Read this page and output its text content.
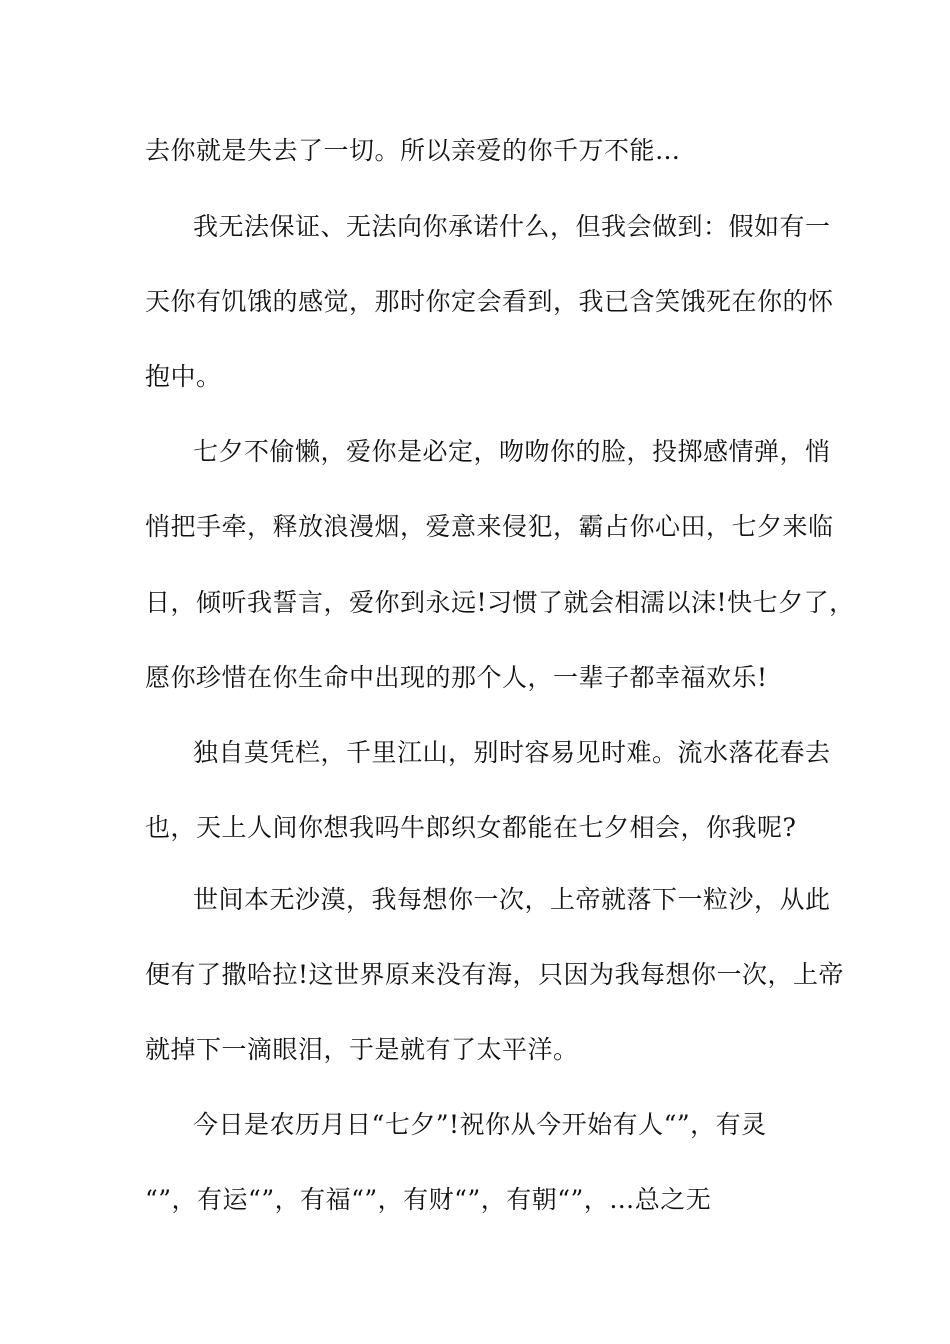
去你就是失去了一切。所以亲爱的你千万不能…
我无法保证、无法向你承诺什么，但我会做到：假如有一
天你有饥饿的感觉，那时你定会看到，我已含笑饿死在你的怀
抱中。
七夕不偷懒，爱你是必定，吻吻你的脸，投掷感情弹，悄
悄把手牵，释放浪漫烟，爱意来侵犯，霸占你心田，七夕来临
日，倾听我誓言，爱你到永远!习惯了就会相濡以沫!快七夕了，
愿你珍惜在你生命中出现的那个人，一辈子都幸福欢乐!
独自莫凭栏，千里江山，别时容易见时难。流水落花春去
也，天上人间你想我吗牛郎织女都能在七夕相会，你我呢?
世间本无沙漠，我每想你一次，上帝就落下一粒沙，从此
便有了撒哈拉!这世界原来没有海，只因为我每想你一次，上帝
就掉下一滴眼泪，于是就有了太平洋。
今日是农历月日“七夕”!祝你从今开始有人“”，有灵
“”，有运“”，有福“”，有财“”，有朝“”，…总之无
